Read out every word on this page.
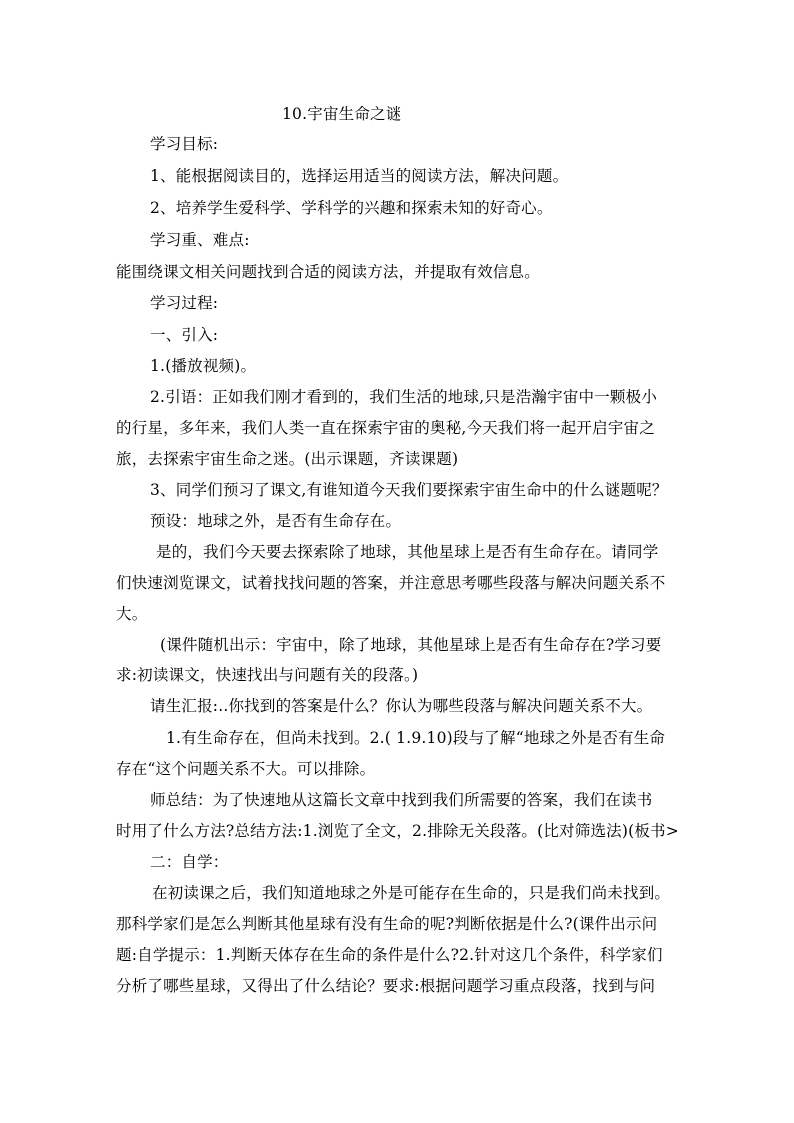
10.宇宙生命之谜
学习目标:
1、能根据阅读目的，选择运用适当的阅读方法，解决问题。
2、培养学生爱科学、学科学的兴趣和探索未知的好奇心。
学习重、难点:
能围绕课文相关问题找到合适的阅读方法，并提取有效信息。
学习过程:
一、引入:
1.(播放视频)。
2.引语：正如我们刚才看到的，我们生活的地球,只是浩瀚宇宙中一颗极小
的行星，多年来，我们人类一直在探索宇宙的奥秘,今天我们将一起开启宇宙之
旅，去探索宇宙生命之迷。(出示课题，齐读课题)
3、同学们预习了课文,有谁知道今天我们要探索宇宙生命中的什么谜题呢？
预设：地球之外，是否有生命存在。
是的，我们今天要去探索除了地球，其他星球上是否有生命存在。请同学
们快速浏览课文，试着找找问题的答案，并注意思考哪些段落与解决问题关系不
大。
(课件随机出示：宇宙中，除了地球，其他星球上是否有生命存在?学习要
求:初读课文，快速找出与问题有关的段落。)
请生汇报:..你找到的答案是什么？你认为哪些段落与解决问题关系不大。
1.有生命存在，但尚未找到。2.( 1.9.10)段与了解“地球之外是否有生命
存在“这个问题关系不大。可以排除。
师总结：为了快速地从这篇长文章中找到我们所需要的答案，我们在读书
时用了什么方法?总结方法:1.浏览了全文，2.排除无关段落。(比对筛选法)(板书>
二：自学：
在初读课之后，我们知道地球之外是可能存在生命的，只是我们尚未找到。
那科学家们是怎么判断其他星球有没有生命的呢?判断依据是什么?(课件出示问
题:自学提示：1.判断天体存在生命的条件是什么?2.针对这几个条件，科学家们
分析了哪些星球，又得出了什么结论？要求:根据问题学习重点段落，找到与问
